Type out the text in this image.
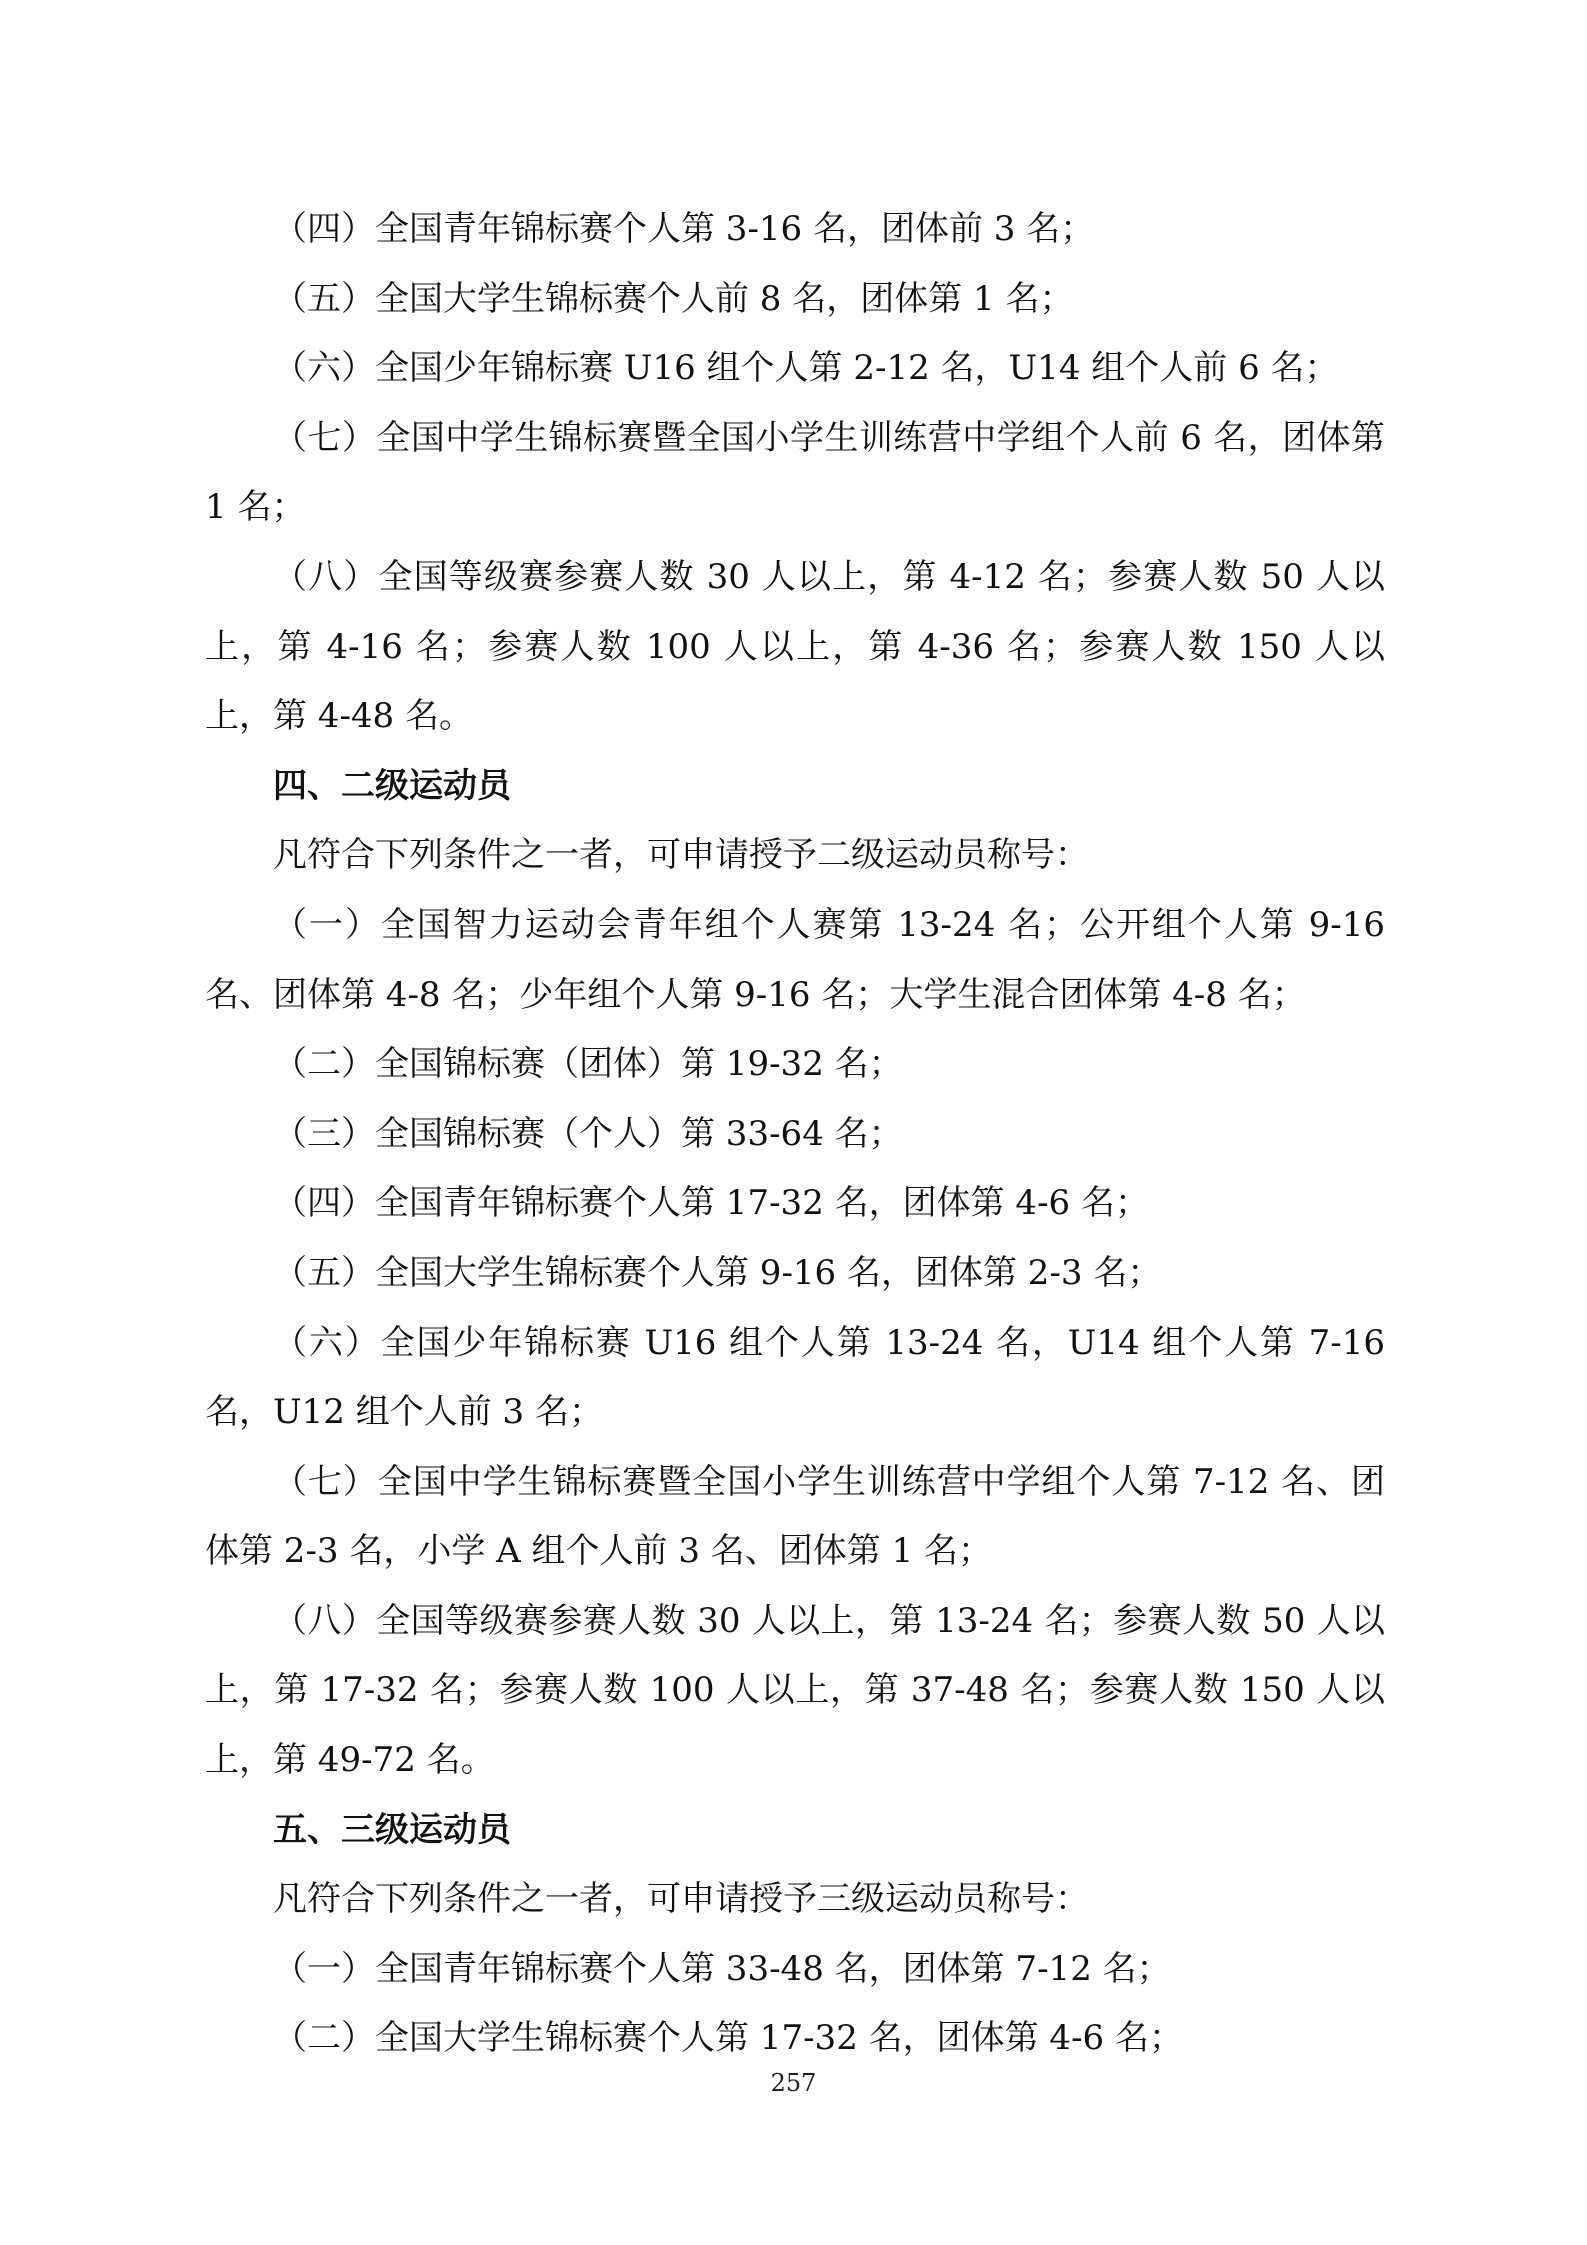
（四）全国青年锦标赛个人第 3-16 名，团体前 3 名；

（五）全国大学生锦标赛个人前 8 名，团体第 1 名；

（六）全国少年锦标赛 U16 组个人第 2-12 名，U14 组个人前 6 名；

（七）全国中学生锦标赛暨全国小学生训练营中学组个人前 6 名，团体第 1 名；

（八）全国等级赛参赛人数 30 人以上，第 4-12 名；参赛人数 50 人以上，第 4-16 名；参赛人数 100 人以上，第 4-36 名；参赛人数 150 人以上，第 4-48 名。

四、二级运动员

凡符合下列条件之一者，可申请授予二级运动员称号：

（一）全国智力运动会青年组个人赛第 13-24 名；公开组个人第 9-16 名、团体第 4-8 名；少年组个人第 9-16 名；大学生混合团体第 4-8 名；

（二）全国锦标赛（团体）第 19-32 名；

（三）全国锦标赛（个人）第 33-64 名；

（四）全国青年锦标赛个人第 17-32 名，团体第 4-6 名；

（五）全国大学生锦标赛个人第 9-16 名，团体第 2-3 名；

（六）全国少年锦标赛 U16 组个人第 13-24 名，U14 组个人第 7-16 名，U12 组个人前 3 名；

（七）全国中学生锦标赛暨全国小学生训练营中学组个人第 7-12 名、团体第 2-3 名，小学 A 组个人前 3 名、团体第 1 名；

（八）全国等级赛参赛人数 30 人以上，第 13-24 名；参赛人数 50 人以上，第 17-32 名；参赛人数 100 人以上，第 37-48 名；参赛人数 150 人以上，第 49-72 名。

五、三级运动员

凡符合下列条件之一者，可申请授予三级运动员称号：

（一）全国青年锦标赛个人第 33-48 名，团体第 7-12 名；

（二）全国大学生锦标赛个人第 17-32 名，团体第 4-6 名；

257
